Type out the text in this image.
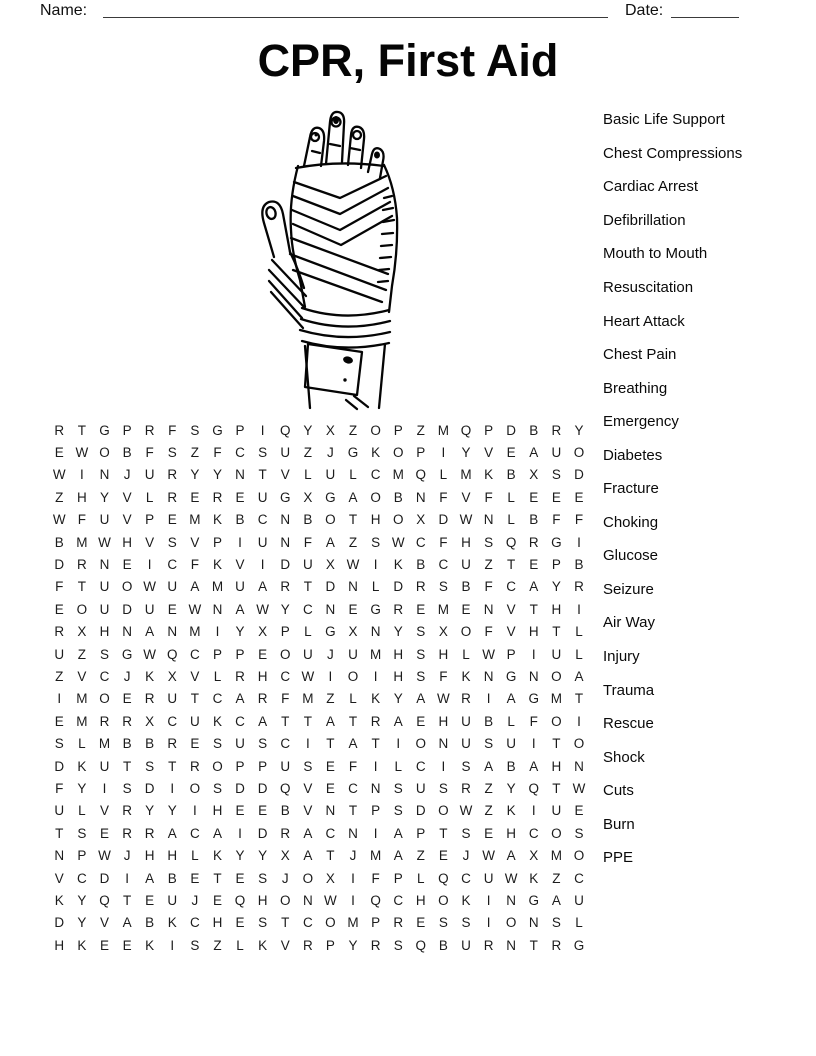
Name:	Date:
CPR, First Aid
Basic Life Support
Chest Compressions
Cardiac Arrest
Defibrillation
Mouth to Mouth
Resuscitation
Heart Attack
Chest Pain
Breathing
Emergency
Diabetes
Fracture
Choking
Glucose
Seizure
Air Way
Injury
Trauma
Rescue
Shock
Cuts
Burn
PPE
R	T G P R	F	S G P	I	Q Y	X	Z O P	Z M Q P D B R Y
E W O B	F	S	Z	F	C S U	Z	J	G K O P	I	Y	V	E	A U O
W	I	N	J	U R Y	Y N	T	V	L	U	L	C M Q	L M K	B	X	S D
Z	H Y	V	L	R E R E U G X G A O B N	F	V	F	L	E	E	E
W F	U V	P	E M K	B C N B O T	H O X D W N	L	B	F	F
B M W H V	S	V	P	I	U N	F	A	Z	S W C	F	H S Q R G	I
D R N E	I	C	F	K	V	I	D U X W	I	K	B C U	Z	T	E	P	B
F	T	U O W U A M U A R	T	D N	L	D R S	B	F	C A	Y R
E O U D U E W N A W Y C N E G R E M E N V	T	H	I
R X H N A N M	I	Y	X	P	L	G X N Y	S	X O F	V H	T	L
U	Z	S G W Q C P	P	E O U	J	U M H S H	L W P	I	U	L
Z	V C	J	K	X	V	L	R H C W	I	O	I	H S	F	K N G N O A
I	M O E R U	T	C A R	F M Z	L	K	Y	A W R	I	A G M T
E M R R X C U K C A	T	T	A	T	R A	E H U B	L	F O	I
S	L M B	B R E	S U S C	I	T	A	T	I	O N U S U	I	T O
D K U	T	S	T	R O P	P U S	E	F	I	L	C	I	S	A	B	A H N
F	Y	I	S D	I	O S D D Q V	E C N S U S R	Z	Y Q T W
U	L	V R Y	Y	I	H E	E	B	V N	T	P	S D O W Z	K	I	U E
T	S	E R R A C A	I	D R A C N	I	A	P	T	S	E H C O S
N P W J	H H	L	K	Y	Y	X	A	T	J	M A	Z	E	J W A	X M O
V C D	I	A	B	E	T	E	S	J	O X	I	F	P	L	Q C U W K	Z	C
K	Y Q T	E U	J	E Q H O N W	I	Q C H O K	I	N G A U
D Y	V	A	B	K C H E	S	T	C O M P R E	S	S	I	O N S	L
H K	E	E	K	I	S	Z	L	K	V R P	Y R S Q B U R N	T	R G
